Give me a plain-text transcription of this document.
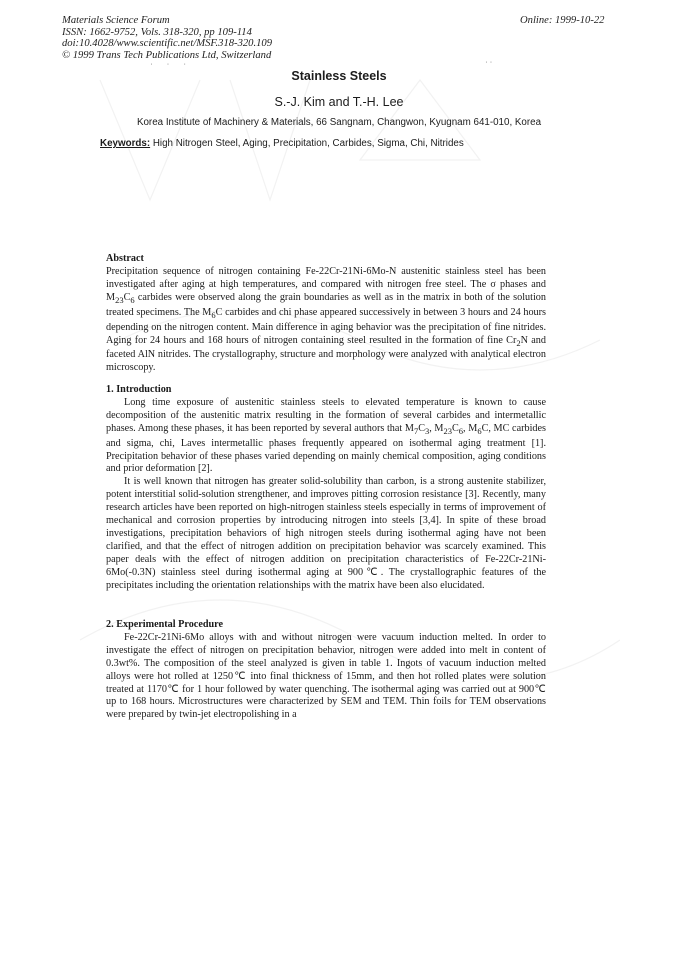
Materials Science Forum
ISSN: 1662-9752, Vols. 318-320, pp 109-114
doi:10.4028/www.scientific.net/MSF.318-320.109
© 1999 Trans Tech Publications Ltd, Switzerland
Online: 1999-10-22
˙ ˙ ˙	˙ ˙
Stainless Steels
S.-J. Kim and T.-H. Lee
Korea Institute of Machinery & Materials, 66 Sangnam, Changwon, Kyugnam 641-010, Korea
Keywords: High Nitrogen Steel, Aging, Precipitation, Carbides, Sigma, Chi, Nitrides

Abstract

Precipitation sequence of nitrogen containing Fe-22Cr-21Ni-6Mo-N austenitic stainless steel has been investigated after aging at high temperatures, and compared with nitrogen free steel. The σ phases and $M_{23}C_6$ carbides were observed along the grain boundaries as well as in the matrix in both of the solution treated specimens. The $M_6C$ carbides and chi phase appeared successively in between 3 hours and 24 hours depending on the nitrogen content. Main difference in aging behavior was the precipitation of fine nitrides. Aging for 24 hours and 168 hours of nitrogen containing steel resulted in the formation of fine $Cr_2N$ and faceted AlN nitrides. The crystallography, structure and morphology were analyzed with analytical electron microscopy.

1. Introduction

Long time exposure of austenitic stainless steels to elevated temperature is known to cause decomposition of the austenitic matrix resulting in the formation of several carbides and intermetallic phases. Among these phases, it has been reported by several authors that $M_7C_3$, $M_{23}C_6$, $M_6C$, MC carbides and sigma, chi, Laves intermetallic phases frequently appeared on isothermal aging treatment [1]. Precipitation behavior of these phases varied depending on mainly chemical composition, aging conditions and prior deformation [2].

It is well known that nitrogen has greater solid-solubility than carbon, is a strong austenite stabilizer, potent interstitial solid-solution strengthener, and improves pitting corrosion resistance [3]. Recently, many research articles have been reported on high-nitrogen stainless steels especially in terms of improvement of mechanical and corrosion properties by introducing nitrogen into steels [3,4]. In spite of these broad investigations, precipitation behaviors of high nitrogen steels during isothermal aging have not been clarified, and that the effect of nitrogen addition on precipitation behavior was scarcely examined. This paper deals with the effect of nitrogen addition on precipitation characteristics of Fe-22Cr-21Ni-6Mo(-0.3N) stainless steel during isothermal aging at 900℃. The crystallographic features of the precipitates including the orientation relationships with the matrix have been also elucidated.

2. Experimental Procedure

Fe-22Cr-21Ni-6Mo alloys with and without nitrogen were vacuum induction melted. In order to investigate the effect of nitrogen on precipitation behavior, nitrogen were added into melt in content of 0.3wt%. The composition of the steel analyzed is given in table 1. Ingots of vacuum induction melted alloys were hot rolled at 1250℃ into final thickness of 15mm, and then hot rolled plates were solution treated at 1170℃ for 1 hour followed by water quenching. The isothermal aging was carried out at 900℃ up to 168 hours. Microstructures were characterized by SEM and TEM. Thin foils for TEM observations were prepared by twin-jet electropolishing in a
